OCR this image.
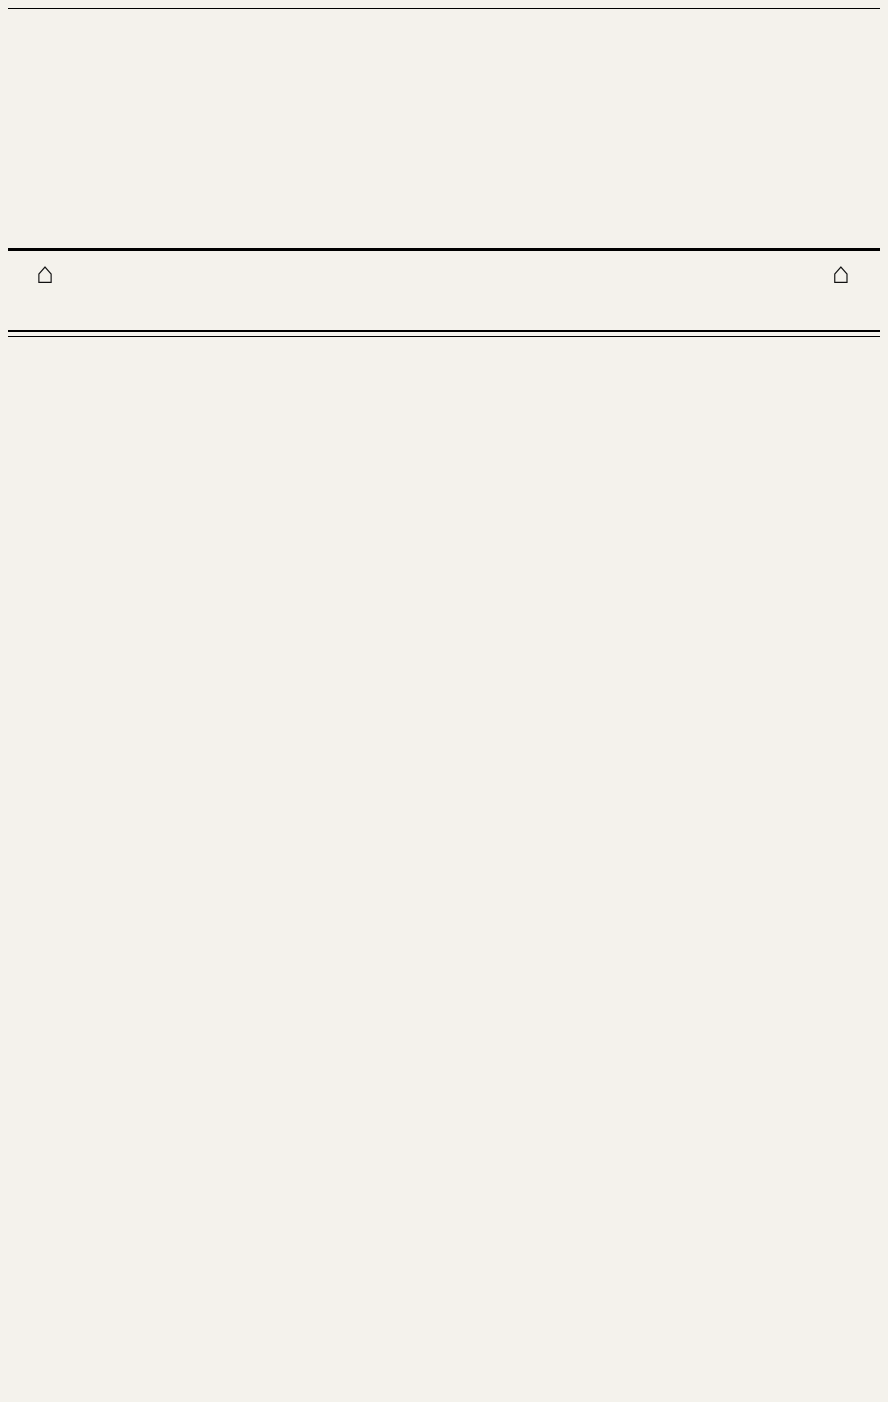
⌂	⌂
